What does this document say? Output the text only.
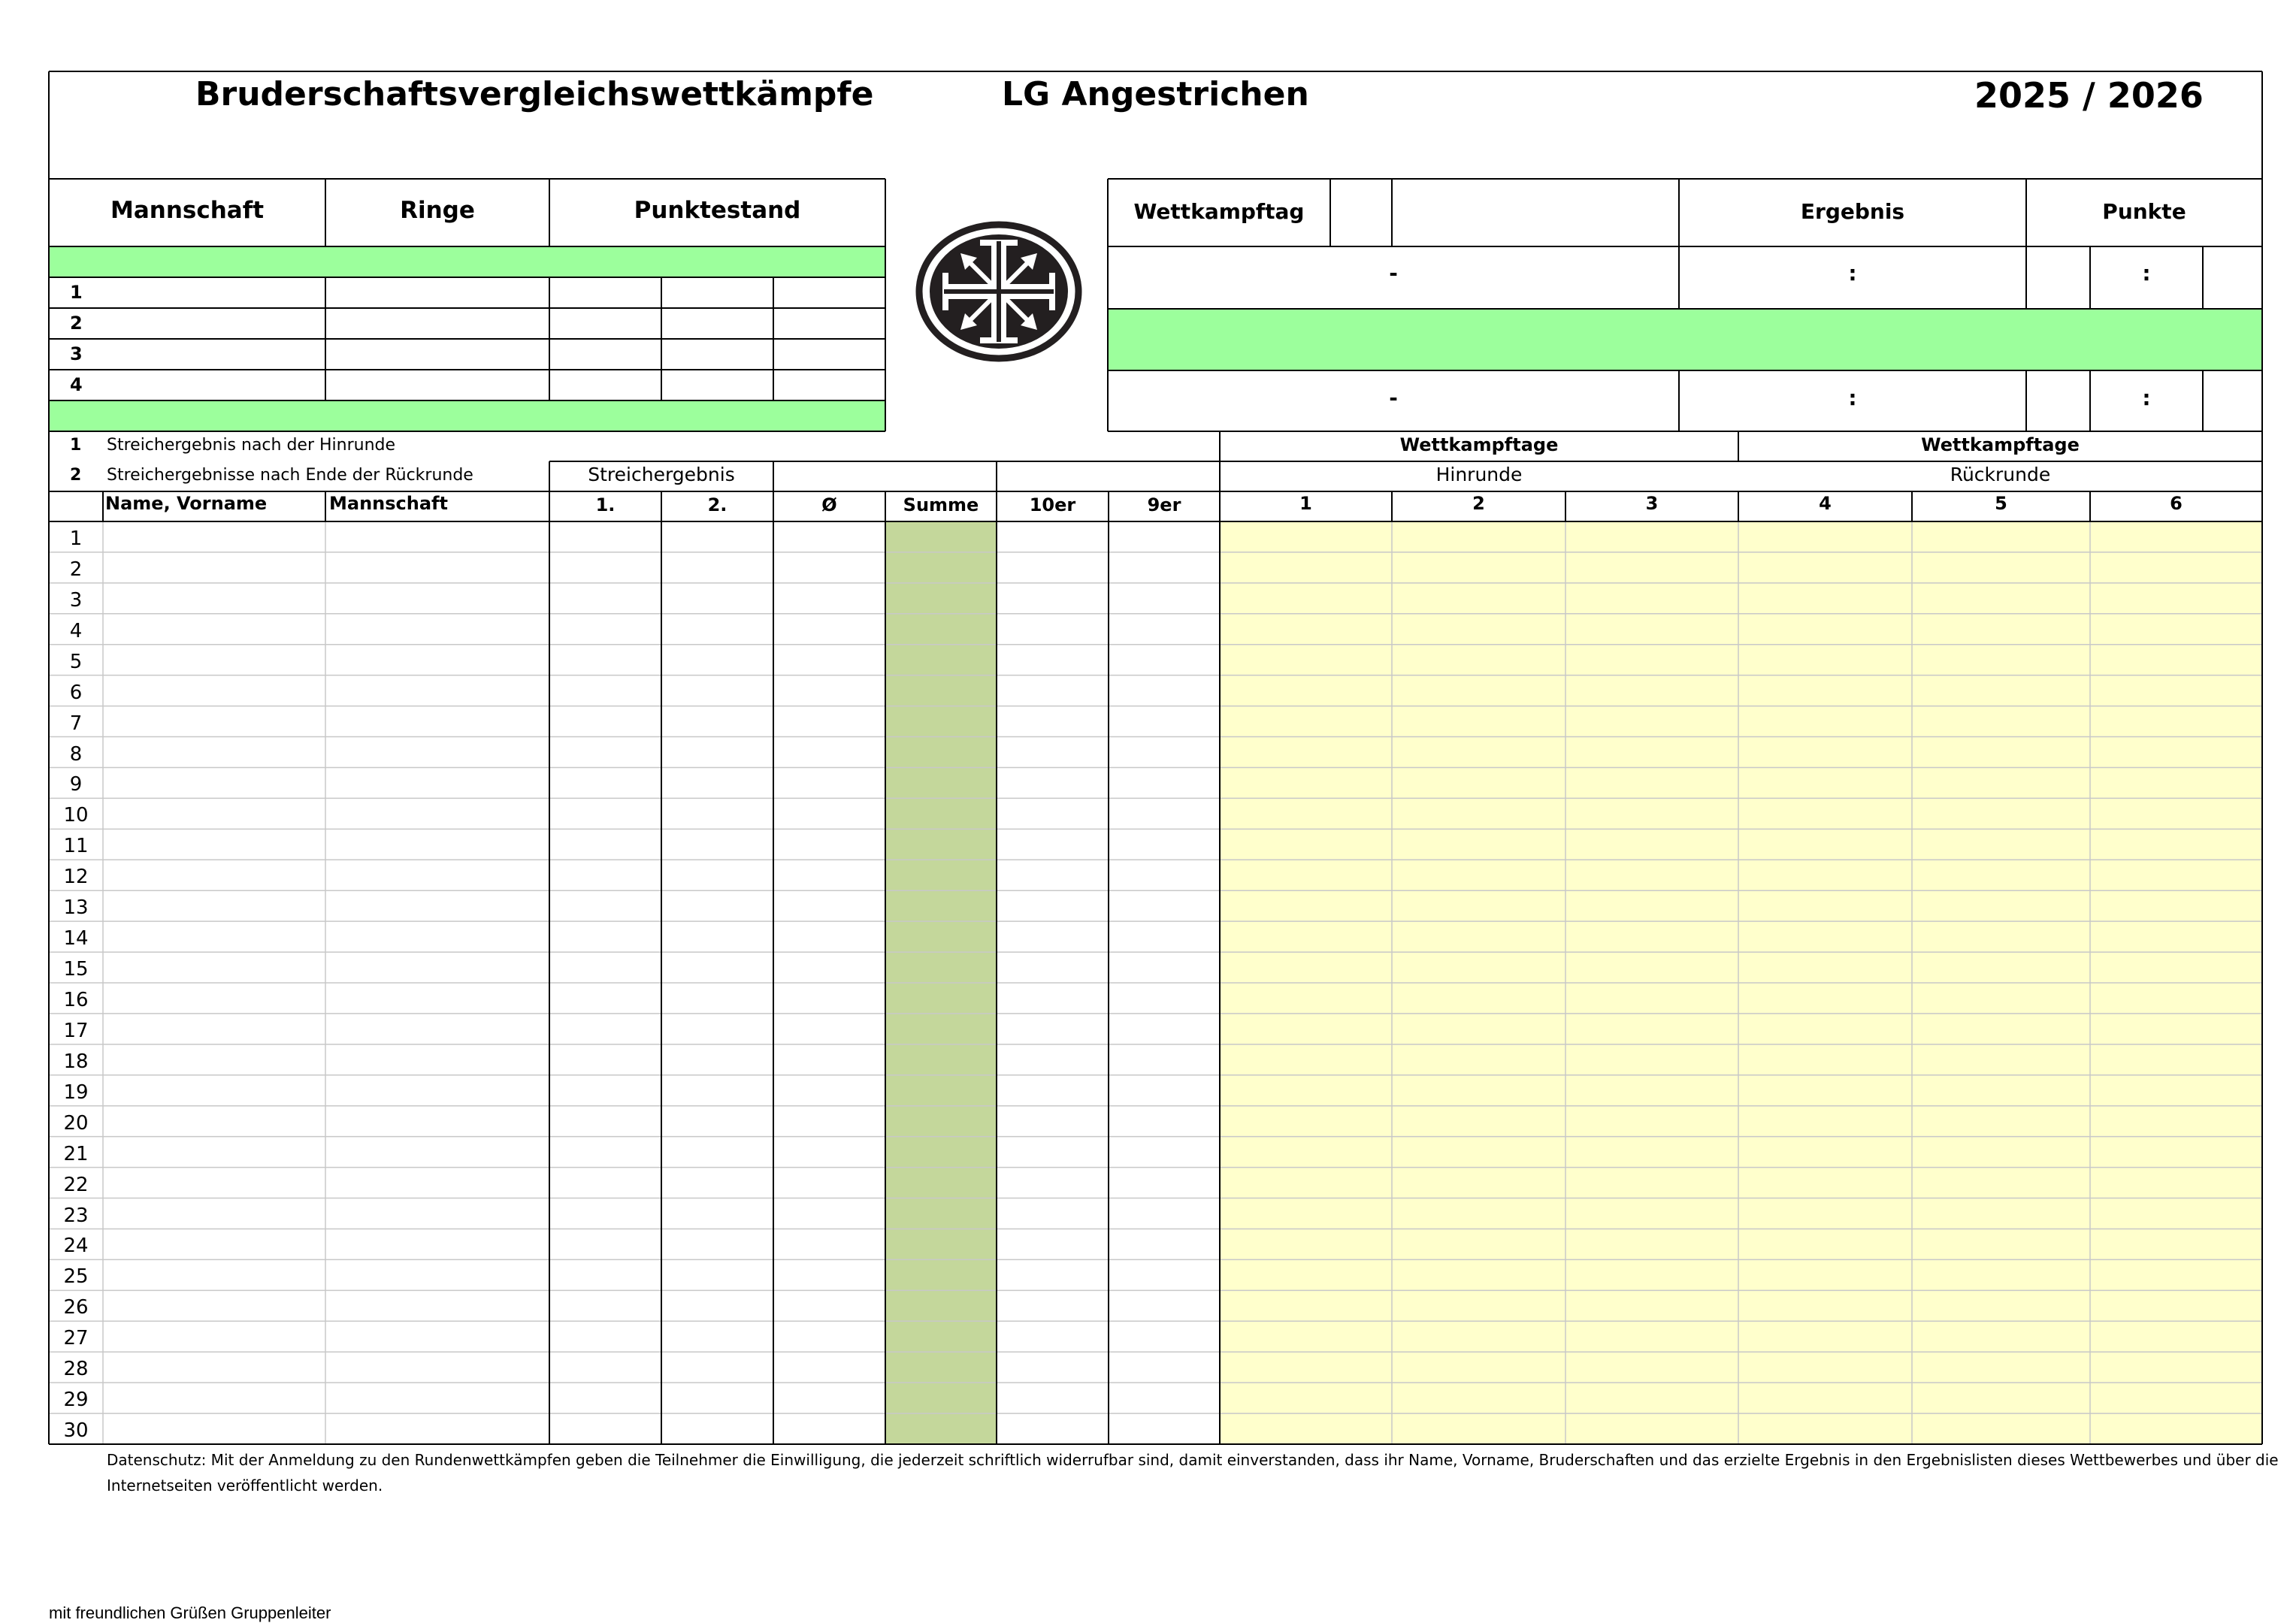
Bruderschaftsvergleichswettkämpfe	LG Angestrichen	2025 / 2026
Mannschaft	Ringe	Punktestand
1
2
3
4
Wettkampftag	Ergebnis	Punkte
-	:	:
-	:	:
1 Streichergebnis nach der Hinrunde
2 Streichergebnisse nach Ende der Rückrunde
Wettkampftage	Wettkampftage
Streichergebnis	Hinrunde	Rückrunde
Name, Vorname	Mannschaft	1.	2.	Ø	Summe	10er	9er	1	2	3	4	5	6
1
2
3
4
5
6
7
8
9
10
11
12
13
14
15
16
17
18
19
20
21
22
23
24
25
26
27
28
29
30
Datenschutz: Mit der Anmeldung zu den Rundenwettkämpfen geben die Teilnehmer die Einwilligung, die jederzeit schriftlich widerrufbar sind, damit einverstanden, dass ihr Name, Vorname, Bruderschaften und das erzielte Ergebnis in den Ergebnislisten dieses Wettbewerbes und über die
Internetseiten veröffentlicht werden.
mit freundlichen Grüßen Gruppenleiter
